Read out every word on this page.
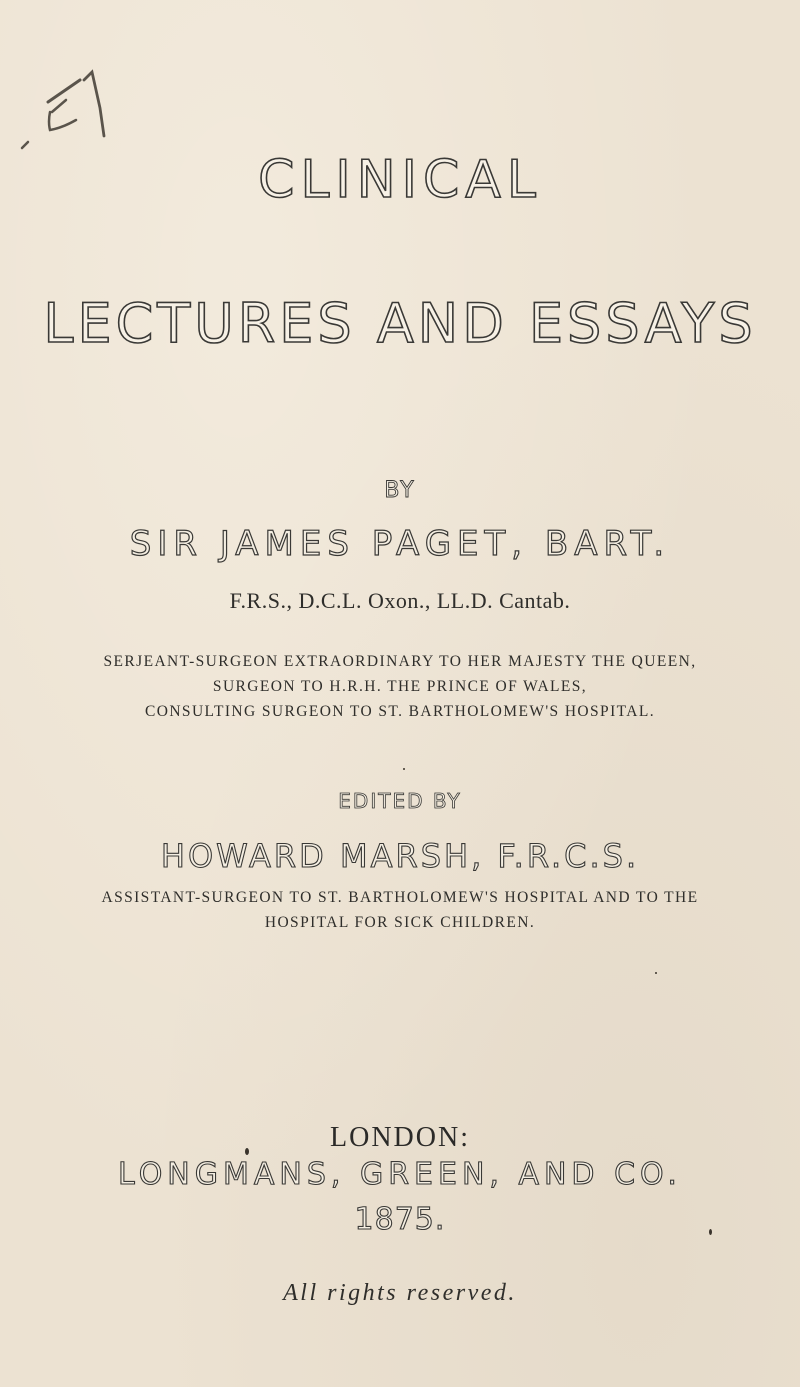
CLINICAL
LECTURES AND ESSAYS
BY
SIR JAMES PAGET, BART.
F.R.S., D.C.L. Oxon., LL.D. Cantab.
SERJEANT-SURGEON EXTRAORDINARY TO HER MAJESTY THE QUEEN,
SURGEON TO H.R.H. THE PRINCE OF WALES,
CONSULTING SURGEON TO ST. BARTHOLOMEW'S HOSPITAL.
EDITED BY
HOWARD MARSH, F.R.C.S.
ASSISTANT-SURGEON TO ST. BARTHOLOMEW'S HOSPITAL AND TO THE
HOSPITAL FOR SICK CHILDREN.
LONDON:
LONGMANS, GREEN, AND CO.
1875.
All rights reserved.
